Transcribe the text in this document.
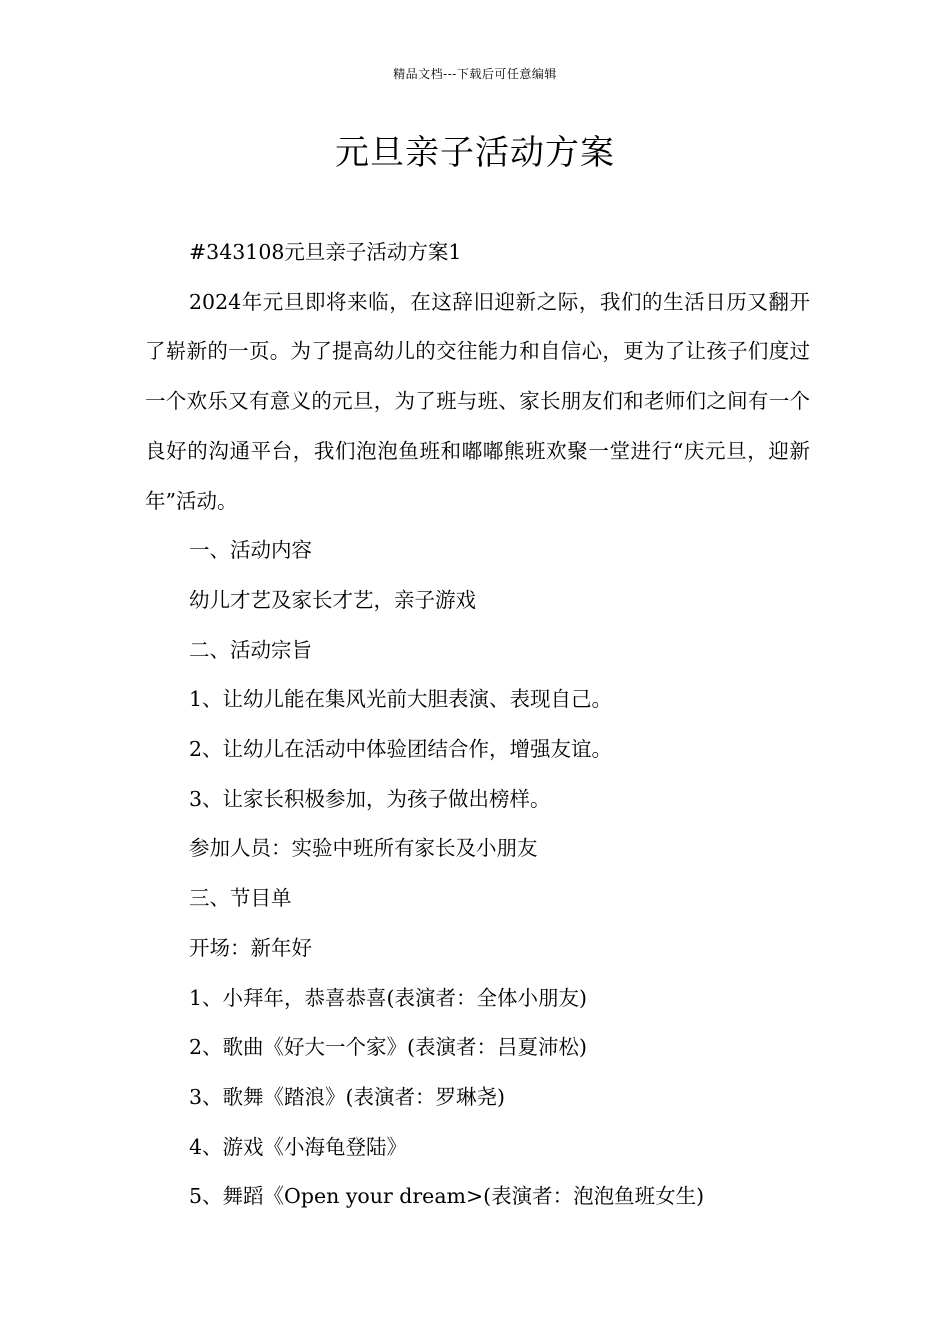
精品文档---下载后可任意编辑
元旦亲子活动方案

#343108元旦亲子活动方案1

2024年元旦即将来临，在这辞旧迎新之际，我们的生活日历又翻开了崭新的一页。为了提高幼儿的交往能力和自信心，更为了让孩子们度过一个欢乐又有意义的元旦，为了班与班、家长朋友们和老师们之间有一个良好的沟通平台，我们泡泡鱼班和嘟嘟熊班欢聚一堂进行“庆元旦，迎新年”活动。

一、活动内容

幼儿才艺及家长才艺，亲子游戏

二、活动宗旨

1、让幼儿能在集风光前大胆表演、表现自己。

2、让幼儿在活动中体验团结合作，增强友谊。

3、让家长积极参加，为孩子做出榜样。

参加人员：实验中班所有家长及小朋友

三、节目单

开场：新年好

1、小拜年，恭喜恭喜(表演者：全体小朋友)

2、歌曲《好大一个家》(表演者：吕夏沛松)

3、歌舞《踏浪》(表演者：罗琳尧)

4、游戏《小海龟登陆》

5、舞蹈《Open your dream>(表演者：泡泡鱼班女生)
